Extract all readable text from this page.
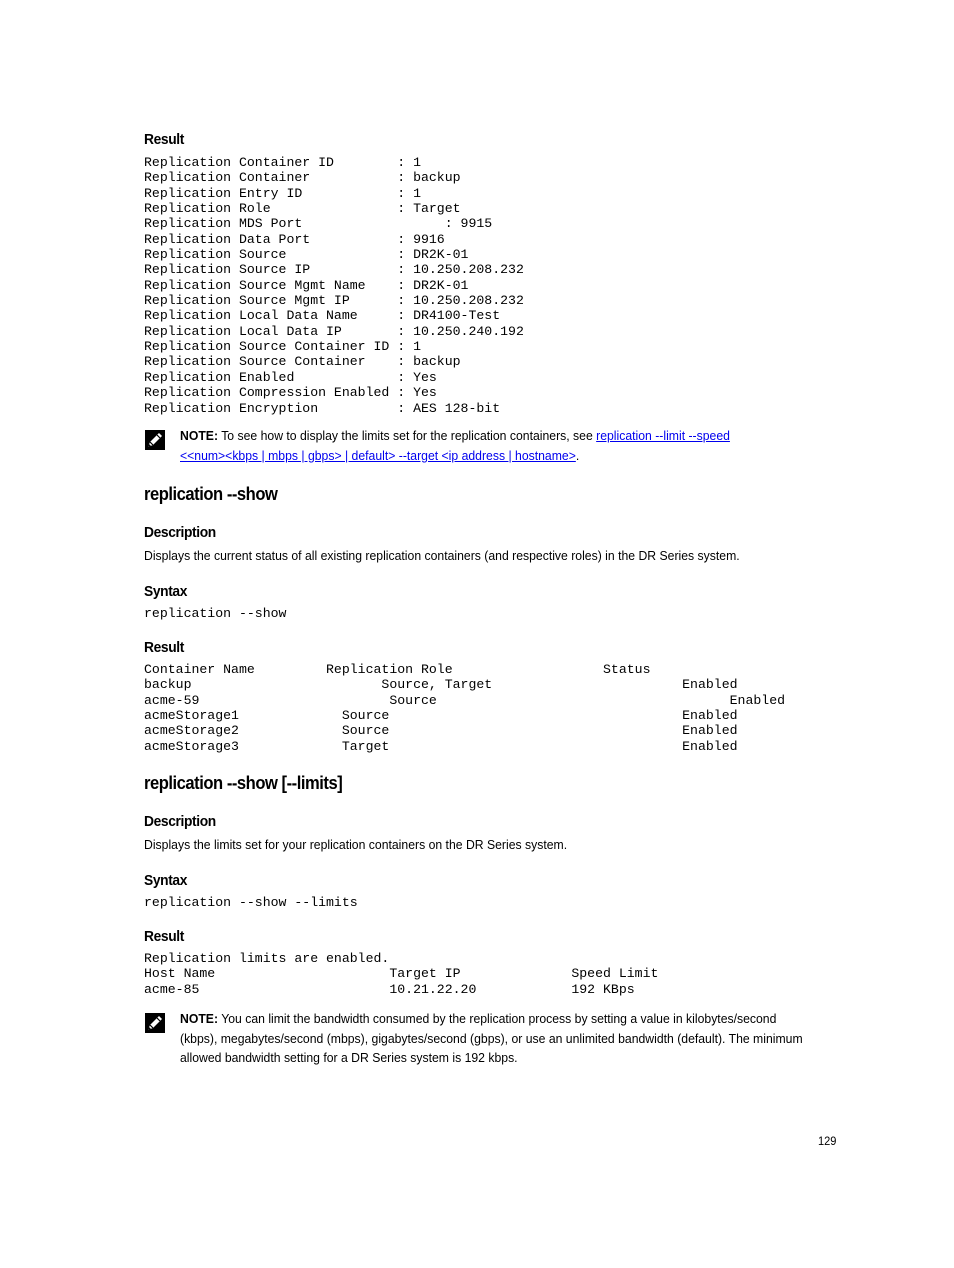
Result
Replication Container ID        : 1
Replication Container           : backup
Replication Entry ID            : 1
Replication Role                : Target
Replication MDS Port                  : 9915
Replication Data Port           : 9916
Replication Source              : DR2K-01
Replication Source IP           : 10.250.208.232
Replication Source Mgmt Name    : DR2K-01
Replication Source Mgmt IP      : 10.250.208.232
Replication Local Data Name     : DR4100-Test
Replication Local Data IP       : 10.250.240.192
Replication Source Container ID : 1
Replication Source Container    : backup
Replication Enabled             : Yes
Replication Compression Enabled : Yes
Replication Encryption          : AES 128-bit
NOTE: To see how to display the limits set for the replication containers, see replication --limit --speed
<<num><kbps | mbps | gbps> | default> --target <ip address | hostname>.
replication --show
Description
Displays the current status of all existing replication containers (and respective roles) in the DR Series system.
Syntax
replication --show
Result
Container Name         Replication Role                   Status
backup                        Source, Target                        Enabled
acme-59                        Source                                     Enabled
acmeStorage1             Source                                     Enabled
acmeStorage2             Source                                     Enabled
acmeStorage3             Target                                     Enabled
replication --show [--limits]
Description
Displays the limits set for your replication containers on the DR Series system.
Syntax
replication --show --limits
Result
Replication limits are enabled.
Host Name                      Target IP              Speed Limit
acme-85                        10.21.22.20            192 KBps
NOTE: You can limit the bandwidth consumed by the replication process by setting a value in kilobytes/second
(kbps), megabytes/second (mbps), gigabytes/second (gbps), or use an unlimited bandwidth (default). The minimum
allowed bandwidth setting for a DR Series system is 192 kbps.
129
